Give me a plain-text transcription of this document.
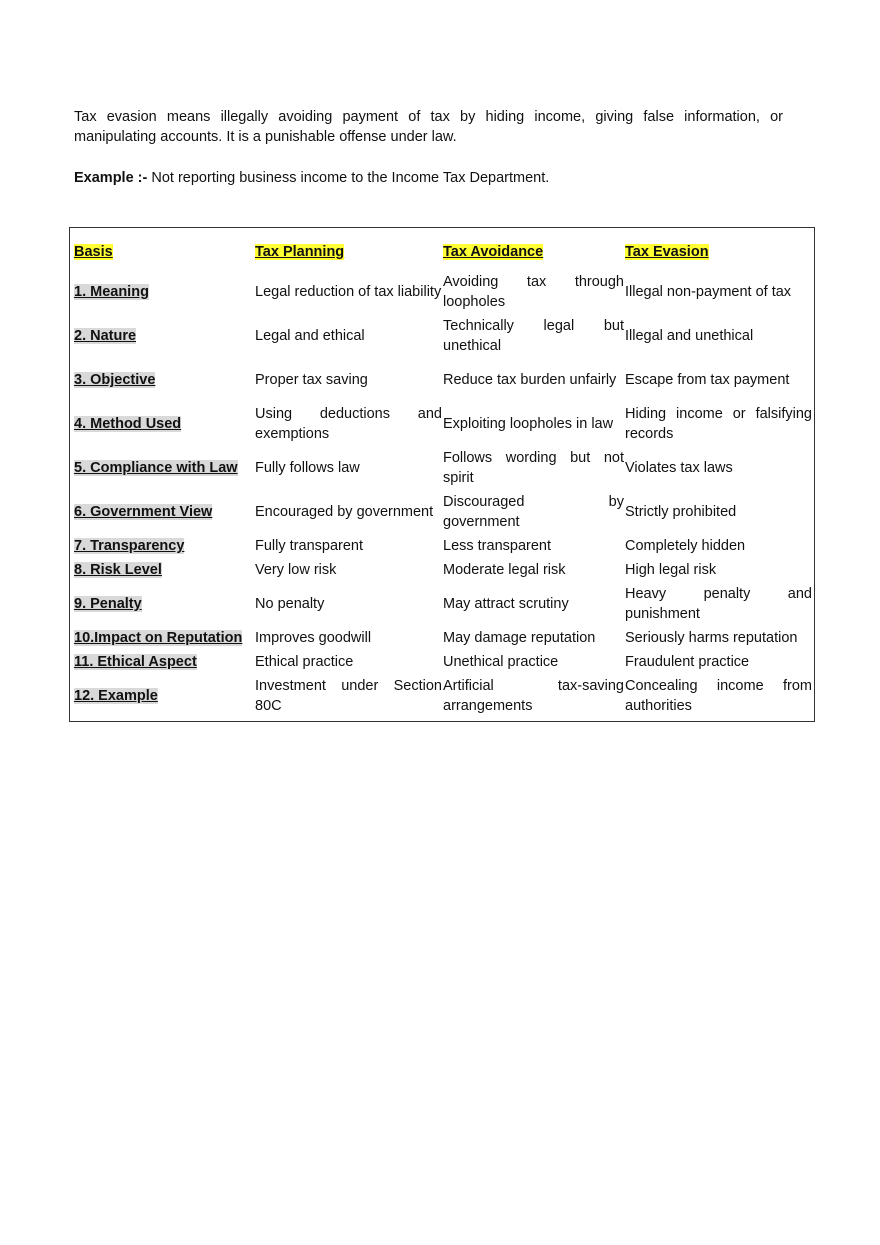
Tax evasion means illegally avoiding payment of tax by hiding income, giving false information, or manipulating accounts. It is a punishable offense under law.

Example :- Not reporting business income to the Income Tax Department.

Basis	Tax Planning	Tax Avoidance	Tax Evasion
1. Meaning	Legal reduction of tax liability	Avoiding tax through loopholes	Illegal non-payment of tax
2. Nature	Legal and ethical	Technically legal but unethical	Illegal and unethical
3. Objective	Proper tax saving	Reduce tax burden unfairly	Escape from tax payment
4. Method Used	Using deductions and exemptions	Exploiting loopholes in law	Hiding income or falsifying records
5. Compliance with Law	Fully follows law	Follows wording but not spirit	Violates tax laws
6. Government View	Encouraged by government	Discouraged by government	Strictly prohibited
7. Transparency	Fully transparent	Less transparent	Completely hidden
8. Risk Level	Very low risk	Moderate legal risk	High legal risk
9. Penalty	No penalty	May attract scrutiny	Heavy penalty and punishment
10.Impact on Reputation	Improves goodwill	May damage reputation	Seriously harms reputation
11. Ethical Aspect	Ethical practice	Unethical practice	Fraudulent practice
12. Example	Investment under Section 80C	Artificial tax-saving arrangements	Concealing income from authorities
